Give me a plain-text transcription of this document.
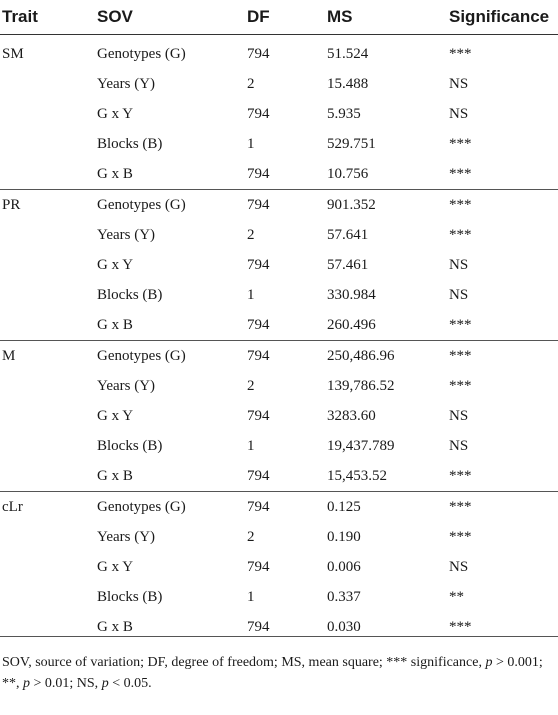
Trait	SOV	DF	MS	Significance
SM	Genotypes (G)	794	51.524	***
	Years (Y)	2	15.488	NS
	G x Y	794	5.935	NS
	Blocks (B)	1	529.751	***
	G x B	794	10.756	***
PR	Genotypes (G)	794	901.352	***
	Years (Y)	2	57.641	***
	G x Y	794	57.461	NS
	Blocks (B)	1	330.984	NS
	G x B	794	260.496	***
M	Genotypes (G)	794	250,486.96	***
	Years (Y)	2	139,786.52	***
	G x Y	794	3283.60	NS
	Blocks (B)	1	19,437.789	NS
	G x B	794	15,453.52	***
cLr	Genotypes (G)	794	0.125	***
	Years (Y)	2	0.190	***
	G x Y	794	0.006	NS
	Blocks (B)	1	0.337	**
	G x B	794	0.030	***
SOV, source of variation; DF, degree of freedom; MS, mean square; *** significance, p > 0.001; **, p > 0.01; NS, p < 0.05.
